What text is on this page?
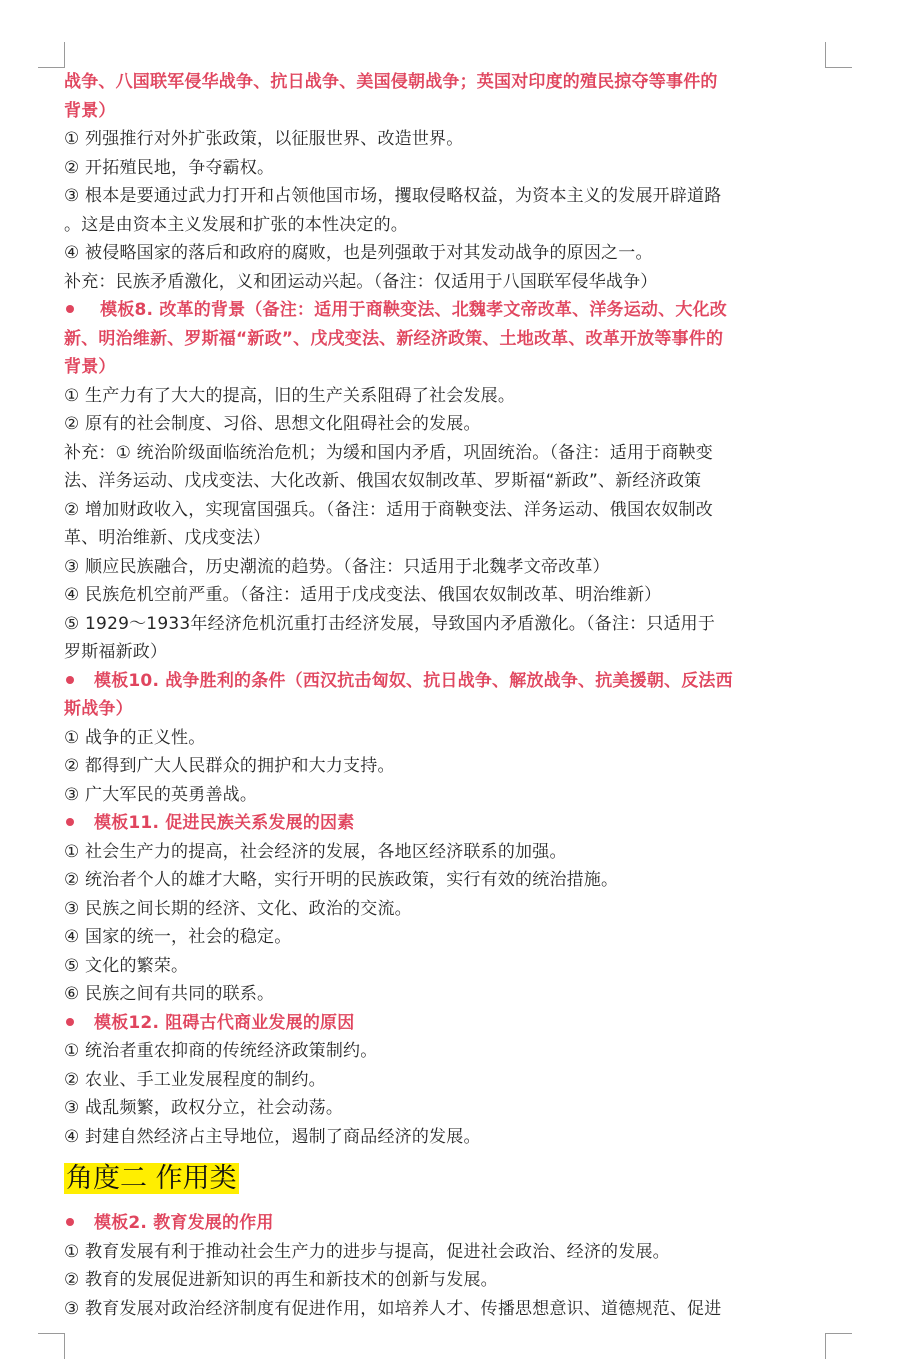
战争、八国联军侵华战争、抗日战争、美国侵朝战争；英国对印度的殖民掠夺等事件的
背景）
① 列强推行对外扩张政策，以征服世界、改造世界。
② 开拓殖民地，争夺霸权。
③ 根本是要通过武力打开和占领他国市场，攫取侵略权益，为资本主义的发展开辟道路
。这是由资本主义发展和扩张的本性决定的。
④ 被侵略国家的落后和政府的腐败，也是列强敢于对其发动战争的原因之一。
补充：民族矛盾激化，义和团运动兴起。（备注：仅适用于八国联军侵华战争）
模板8. 改革的背景（备注：适用于商鞅变法、北魏孝文帝改革、洋务运动、大化改
新、明治维新、罗斯福“新政”、戊戌变法、新经济政策、土地改革、改革开放等事件的
背景）
① 生产力有了大大的提高，旧的生产关系阻碍了社会发展。
② 原有的社会制度、习俗、思想文化阻碍社会的发展。
补充：① 统治阶级面临统治危机；为缓和国内矛盾，巩固统治。（备注：适用于商鞅变
法、洋务运动、戊戌变法、大化改新、俄国农奴制改革、罗斯福“新政”、新经济政策
② 增加财政收入，实现富国强兵。（备注：适用于商鞅变法、洋务运动、俄国农奴制改
革、明治维新、戊戌变法）
③ 顺应民族融合，历史潮流的趋势。（备注：只适用于北魏孝文帝改革）
④ 民族危机空前严重。（备注：适用于戊戌变法、俄国农奴制改革、明治维新）
⑤ 1929～1933年经济危机沉重打击经济发展，导致国内矛盾激化。（备注：只适用于
罗斯福新政）
模板10. 战争胜利的条件（西汉抗击匈奴、抗日战争、解放战争、抗美援朝、反法西
斯战争）
① 战争的正义性。
② 都得到广大人民群众的拥护和大力支持。
③ 广大军民的英勇善战。
模板11. 促进民族关系发展的因素
① 社会生产力的提高，社会经济的发展，各地区经济联系的加强。
② 统治者个人的雄才大略，实行开明的民族政策，实行有效的统治措施。
③ 民族之间长期的经济、文化、政治的交流。
④ 国家的统一，社会的稳定。
⑤ 文化的繁荣。
⑥ 民族之间有共同的联系。
模板12. 阻碍古代商业发展的原因
① 统治者重农抑商的传统经济政策制约。
② 农业、手工业发展程度的制约。
③ 战乱频繁，政权分立，社会动荡。
④ 封建自然经济占主导地位，遏制了商品经济的发展。
角度二 作用类
模板2. 教育发展的作用
① 教育发展有利于推动社会生产力的进步与提高，促进社会政治、经济的发展。
② 教育的发展促进新知识的再生和新技术的创新与发展。
③ 教育发展对政治经济制度有促进作用，如培养人才、传播思想意识、道德规范、促进
